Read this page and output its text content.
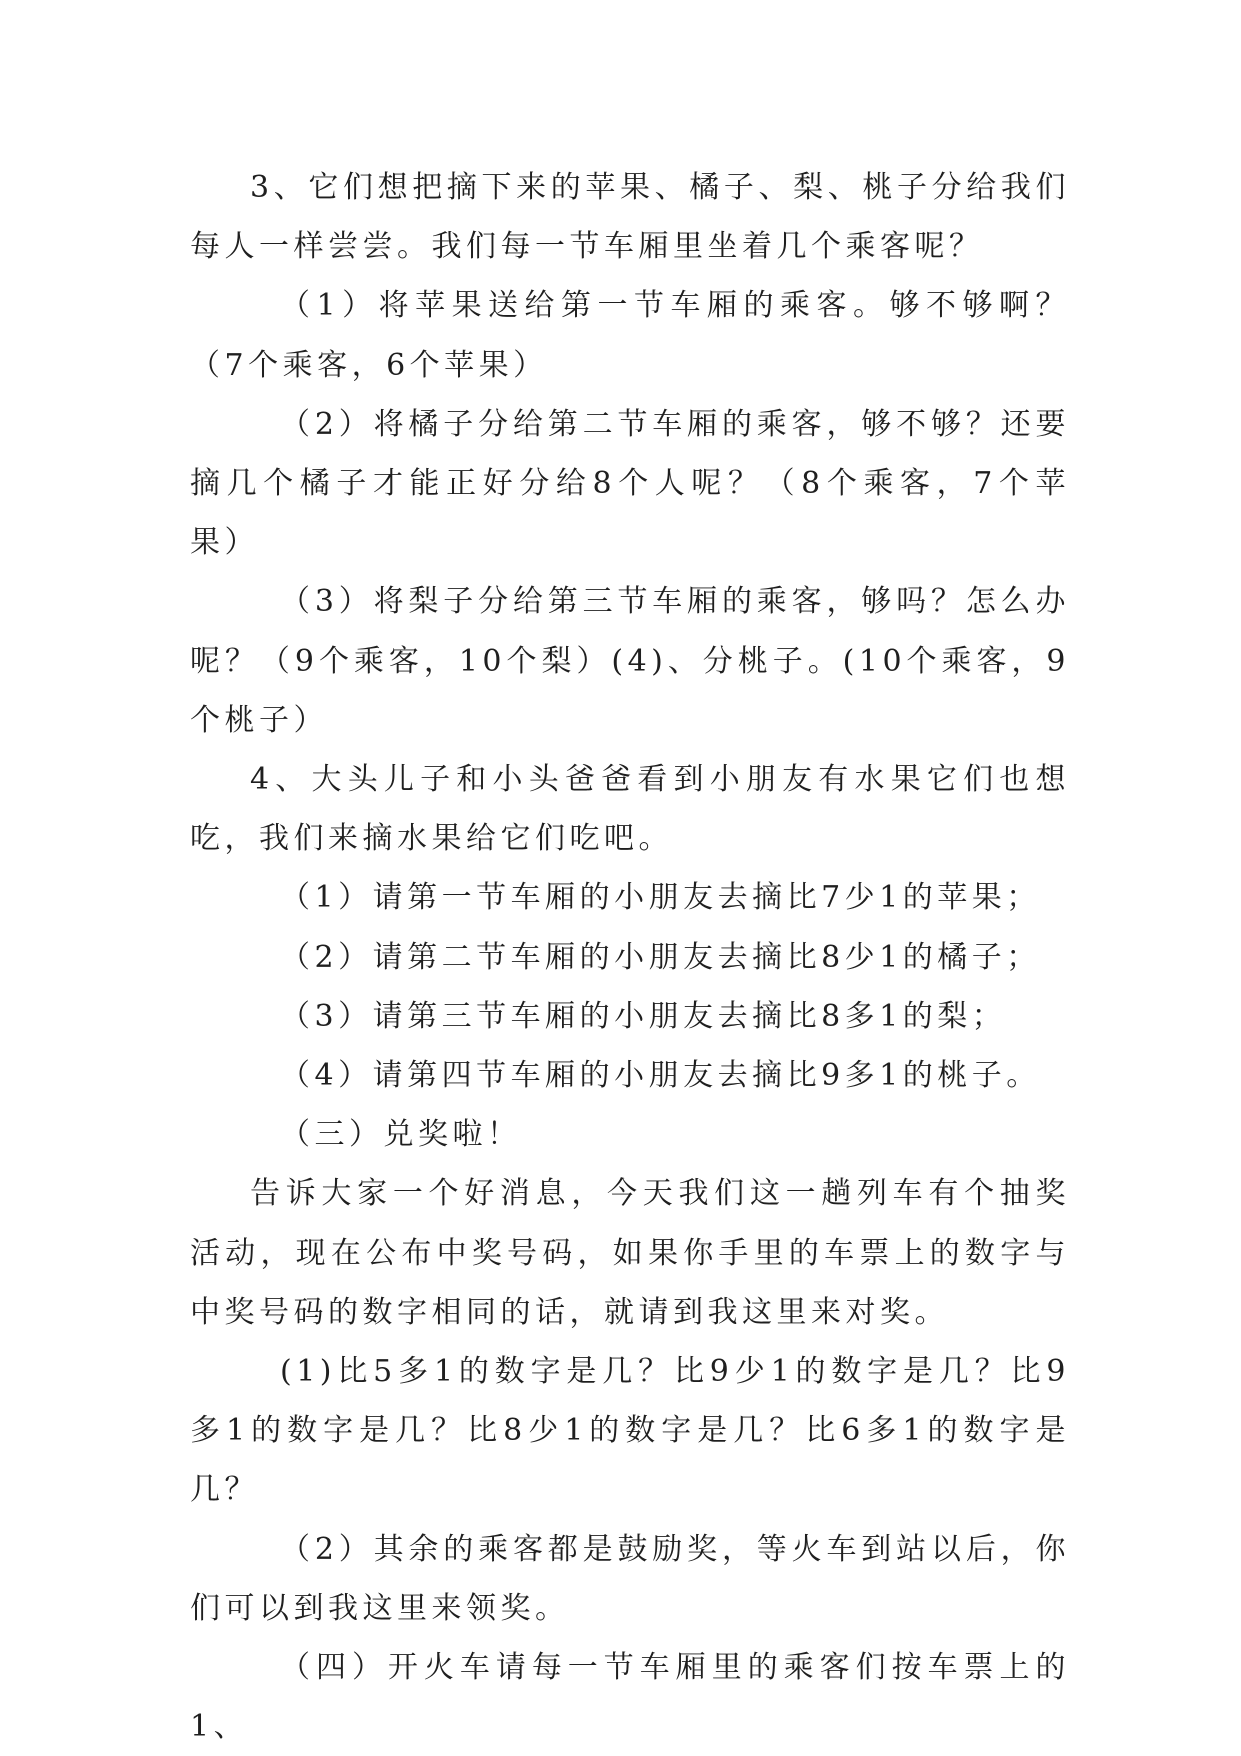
3、它们想把摘下来的苹果、橘子、梨、桃子分给我们每人一样尝尝。我们每一节车厢里坐着几个乘客呢？

（1）将苹果送给第一节车厢的乘客。够不够啊？（7个乘客，6个苹果）

（2）将橘子分给第二节车厢的乘客，够不够？还要摘几个橘子才能正好分给8个人呢？（8个乘客，7个苹果）

（3）将梨子分给第三节车厢的乘客，够吗？怎么办呢？（9个乘客，10个梨）(4)、分桃子。(10个乘客，9个桃子）

4、大头儿子和小头爸爸看到小朋友有水果它们也想吃，我们来摘水果给它们吃吧。

（1）请第一节车厢的小朋友去摘比7少1的苹果；

（2）请第二节车厢的小朋友去摘比8少1的橘子；

（3）请第三节车厢的小朋友去摘比8多1的梨；

（4）请第四节车厢的小朋友去摘比9多1的桃子。

（三）兑奖啦！

告诉大家一个好消息，今天我们这一趟列车有个抽奖活动，现在公布中奖号码，如果你手里的车票上的数字与中奖号码的数字相同的话，就请到我这里来对奖。

(1)比5多1的数字是几？比9少1的数字是几？比9多1的数字是几？比8少1的数字是几？比6多1的数字是几？

（2）其余的乘客都是鼓励奖，等火车到站以后，你们可以到我这里来领奖。

（四）开火车请每一节车厢里的乘客们按车票上的1、
